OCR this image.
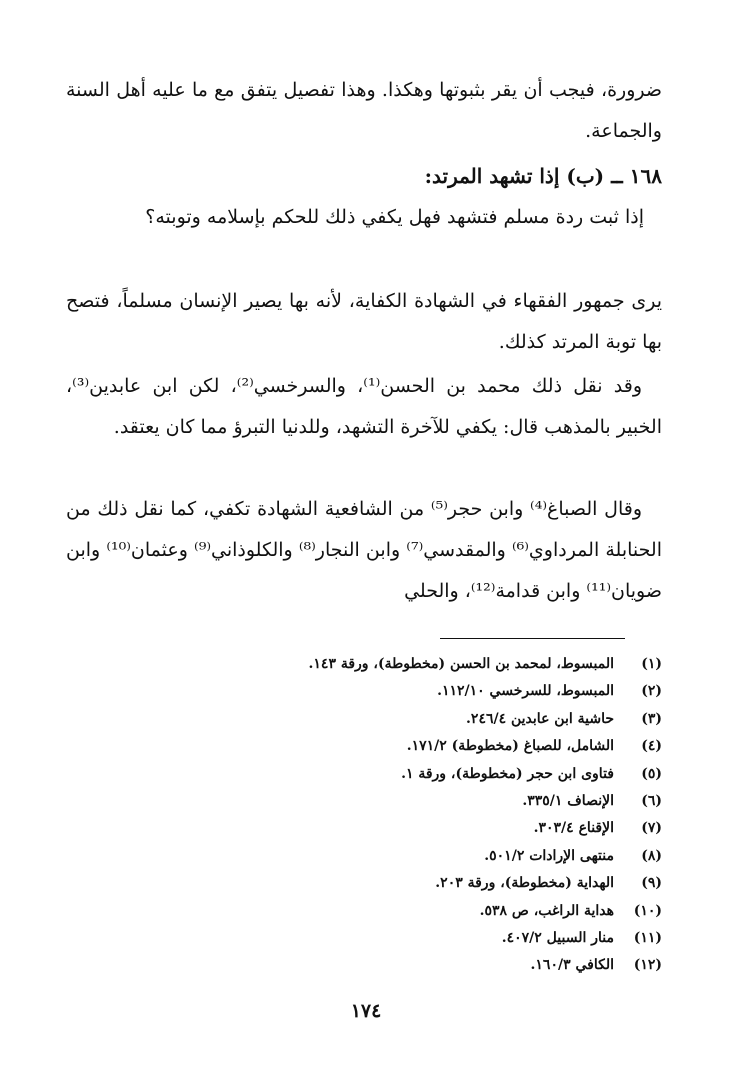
ضرورة، فيجب أن يقر بثبوتها وهكذا. وهذا تفصيل يتفق مع ما عليه أهل السنة والجماعة.

١٦٨ ــ (ب) إذا تشهد المرتد:

إذا ثبت ردة مسلم فتشهد فهل يكفي ذلك للحكم بإسلامه وتوبته؟

يرى جمهور الفقهاء في الشهادة الكفاية، لأنه بها يصير الإنسان مسلماً، فتصح بها توبة المرتد كذلك.

وقد نقل ذلك محمد بن الحسن⁽¹⁾، والسرخسي⁽²⁾، لكن ابن عابدين⁽³⁾، الخبير بالمذهب قال: يكفي للآخرة التشهد، وللدنيا التبرؤ مما كان يعتقد.

وقال الصباغ⁽⁴⁾ وابن حجر⁽⁵⁾ من الشافعية الشهادة تكفي، كما نقل ذلك من الحنابلة المرداوي⁽⁶⁾ والمقدسي⁽⁷⁾ وابن النجار⁽⁸⁾ والكلوذاني⁽⁹⁾ وعثمان⁽¹⁰⁾ وابن ضويان⁽¹¹⁾ وابن قدامة⁽¹²⁾، والحلي

(١)المبسوط، لمحمد بن الحسن (مخطوطة)، ورقة ١٤٣.
(٢)المبسوط، للسرخسي ١١٢/١٠.
(٣)حاشية ابن عابدين ٢٤٦/٤.
(٤)الشامل، للصباغ (مخطوطة) ١٧١/٢.
(٥)فتاوى ابن حجر (مخطوطة)، ورقة ١.
(٦)الإنصاف ٣٣٥/١.
(٧)الإقناع ٣٠٣/٤.
(٨)منتهى الإرادات ٥٠١/٢.
(٩)الهداية (مخطوطة)، ورقة ٢٠٣.
(١٠)هداية الراغب، ص ٥٣٨.
(١١)منار السبيل ٤٠٧/٢.
(١٢)الكافي ١٦٠/٣.
١٧٤
